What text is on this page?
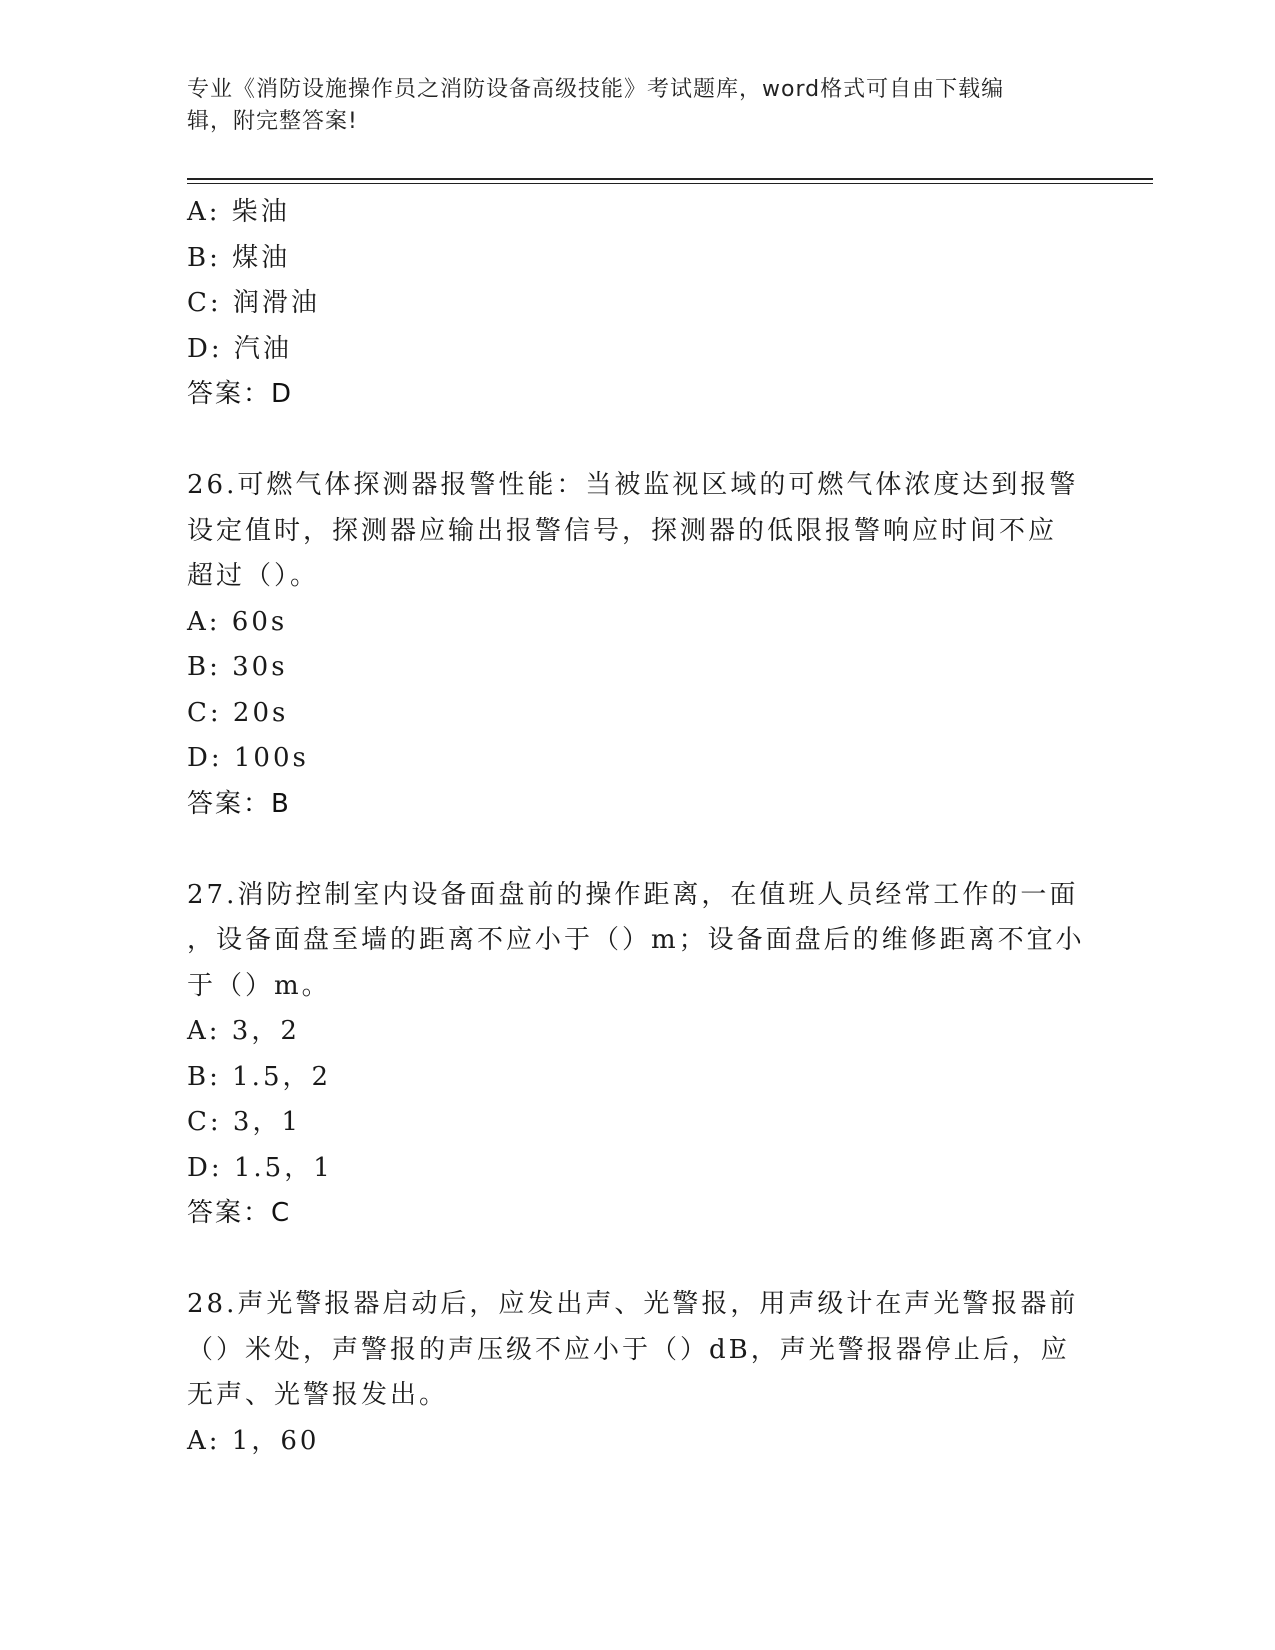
专业《消防设施操作员之消防设备高级技能》考试题库，word格式可自由下载编
辑，附完整答案!
A: 柴油
B: 煤油
C: 润滑油
D: 汽油
答案：D
26.可燃气体探测器报警性能：当被监视区域的可燃气体浓度达到报警
设定值时，探测器应输出报警信号，探测器的低限报警响应时间不应
超过（）。
A: 60s
B: 30s
C: 20s
D: 100s
答案：B
27.消防控制室内设备面盘前的操作距离，在值班人员经常工作的一面
，设备面盘至墙的距离不应小于（）m；设备面盘后的维修距离不宜小
于（）m。
A: 3，2
B: 1.5，2
C: 3，1
D: 1.5，1
答案：C
28.声光警报器启动后，应发出声、光警报，用声级计在声光警报器前
（）米处，声警报的声压级不应小于（）dB，声光警报器停止后，应
无声、光警报发出。
A: 1，60
